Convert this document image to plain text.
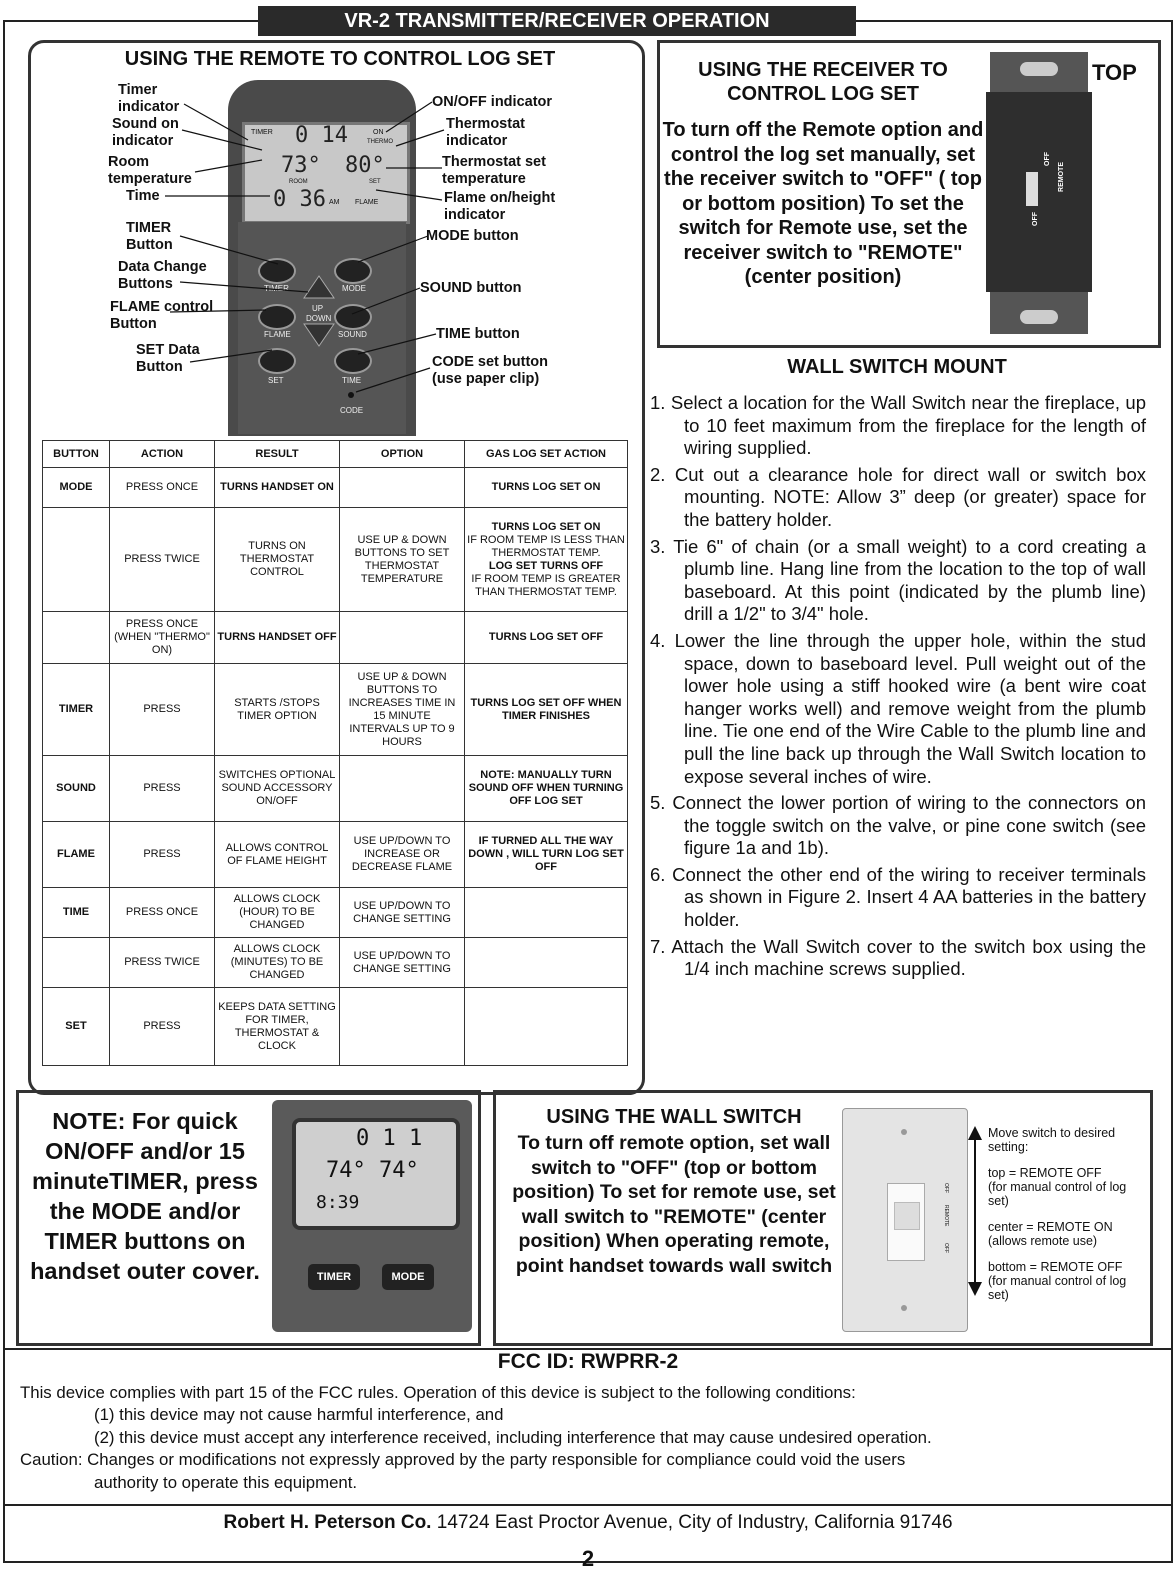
VR-2 TRANSMITTER/RECEIVER OPERATION
USING THE REMOTE TO CONTROL LOG SET
TIMER 0 14	ON
THERMO
73° 80°
ROOM	SET
0 36 AM FLAME
TIMER	MODE
UP
DOWN
FLAME	SOUND
SET	TIME
CODE
Timer indicator
Sound on indicator
Room temperature
Time
TIMER Button
Data Change Buttons
FLAME control Button
SET Data Button
ON/OFF indicator
Thermostat indicator
Thermostat set temperature
Flame on/height indicator
MODE button
SOUND button
TIME button
CODE set button (use paper clip)
BUTTON	ACTION	RESULT	OPTION	GAS LOG SET ACTION
MODE	PRESS ONCE	TURNS HANDSET ON		TURNS LOG SET ON
	PRESS TWICE	TURNS ON THERMOSTAT CONTROL	USE UP & DOWN BUTTONS TO SET THERMOSTAT TEMPERATURE	TURNS LOG SET ON
IF ROOM TEMP IS LESS THAN THERMOSTAT TEMP.
LOG SET TURNS OFF
IF ROOM TEMP IS GREATER THAN THERMOSTAT TEMP.

	PRESS ONCE (WHEN "THERMO" ON)	TURNS HANDSET OFF		TURNS LOG SET OFF
TIMER	PRESS	STARTS /STOPS TIMER OPTION	USE UP & DOWN BUTTONS TO INCREASES TIME IN 15 MINUTE INTERVALS UP TO 9 HOURS	TURNS LOG SET OFF WHEN TIMER FINISHES
SOUND	PRESS	SWITCHES OPTIONAL SOUND ACCESSORY ON/OFF		NOTE: MANUALLY TURN SOUND OFF WHEN TURNING OFF LOG SET
FLAME	PRESS	ALLOWS CONTROL OF FLAME HEIGHT	USE UP/DOWN TO INCREASE OR DECREASE FLAME	IF TURNED ALL THE WAY DOWN , WILL TURN LOG SET OFF
TIME	PRESS ONCE	ALLOWS CLOCK (HOUR) TO BE CHANGED	USE UP/DOWN TO CHANGE SETTING	
	PRESS TWICE	ALLOWS CLOCK (MINUTES) TO BE CHANGED	USE UP/DOWN TO CHANGE SETTING	
SET	PRESS	KEEPS DATA SETTING FOR TIMER, THERMOSTAT & CLOCK		
USING THE RECEIVER TO CONTROL LOG SET
To turn off the Remote option and control the log set manually, set the receiver switch to "OFF" ( top or bottom position) To set the switch for Remote use, set the receiver switch to "REMOTE"(center position)
OFF
REMOTE
OFF
TOP
WALL SWITCH MOUNT
1. Select a location for the Wall Switch near the fireplace, up to 10 feet maximum from the fireplace for the length of wiring supplied.
2. Cut out a clearance hole for direct wall or switch box mounting. NOTE: Allow 3” deep (or greater) space for the battery holder.
3. Tie 6" of chain (or a small weight) to a cord creating a plumb line. Hang line from the location to the top of wall baseboard. At this point (indicated by the plumb line) drill a 1/2" to 3/4" hole.
4. Lower the line through the upper hole, within the stud space, down to baseboard level. Pull weight out of the lower hole using a stiff hooked wire (a bent wire coat hanger works well) and remove weight from the plumb line. Tie one end of the Wire Cable to the plumb line and pull the line back up through the Wall Switch location to expose several inches of wire.
5. Connect the lower portion of wiring to the connectors on the toggle switch on the valve, or pine cone switch (see figure 1a and 1b).
6. Connect the other end of the wiring to receiver terminals as shown in Figure 2. Insert 4 AA batteries in the battery holder.
7. Attach the Wall Switch cover to the switch box using the 1/4 inch machine screws supplied.
NOTE: For quick ON/OFF and/or 15 minuteTIMER, press the MODE and/or TIMER buttons on handset outer cover.
0 1 1
74° 74°
8:39
TIMER	MODE
USING THE WALL SWITCH
To turn off remote option, set wall switch to "OFF" (top or bottom position) To set for remote use, set wall switch to "REMOTE" (center position) When operating remote, point handset towards wall switch
OFF
REMOTE
OFF
Move switch to desired setting:
top = REMOTE OFF
(for manual control of log set)
center = REMOTE ON
(allows remote use)
bottom = REMOTE OFF
(for manual control of log set)
FCC ID: RWPRR-2
This device complies with part 15 of the FCC rules. Operation of this device is subject to the following conditions:
(1) this device may not cause harmful interference, and
(2) this device must accept any interference received, including interference that may cause undesired operation.
Caution: Changes or modifications not expressly approved by the party responsible for compliance could void the users
authority to operate this equipment.
Robert H. Peterson Co. 14724 East Proctor Avenue, City of Industry, California 91746
2
